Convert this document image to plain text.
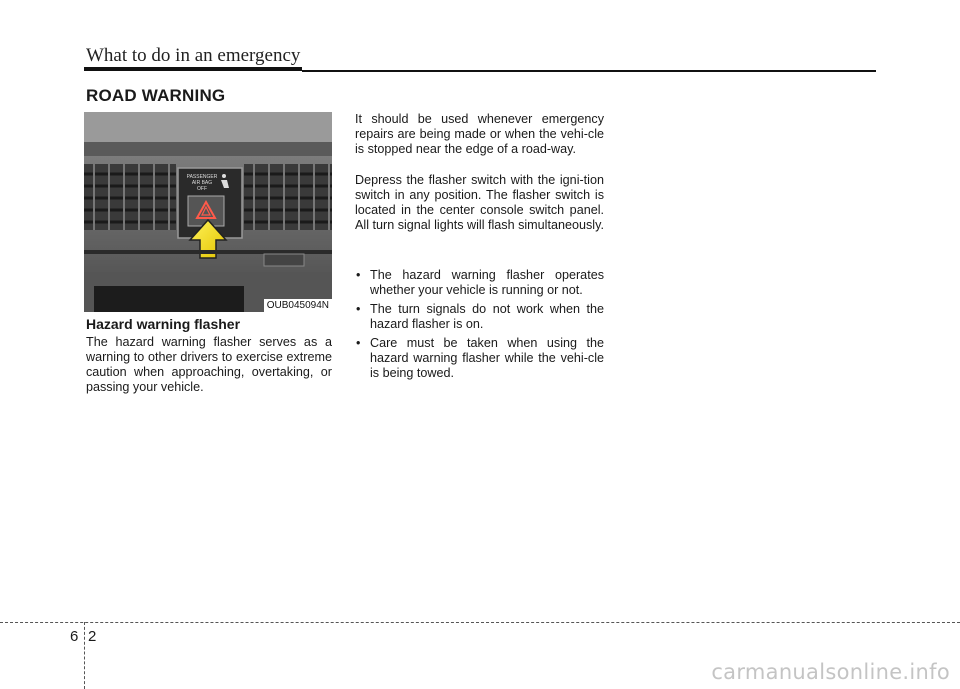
What to do in an emergency
ROAD WARNING
PASSENGER
AIR BAG
OFF
OUB045094N
Hazard warning flasher

The hazard warning flasher serves as a warning to other drivers to exercise extreme caution when approaching, overtaking, or passing your vehicle.

It should be used whenever emergency repairs are being made or when the vehi-cle is stopped near the edge of a road-way.

Depress the flasher switch with the igni-tion switch in any position. The flasher switch is located in the center console switch panel. All turn signal lights will flash simultaneously.

• The hazard warning flasher operates whether your vehicle is running or not.
• The turn signals do not work when the hazard flasher is on.
• Care must be taken when using the hazard warning flasher while the vehi-cle is being towed.
6 2
carmanualsonline.info
